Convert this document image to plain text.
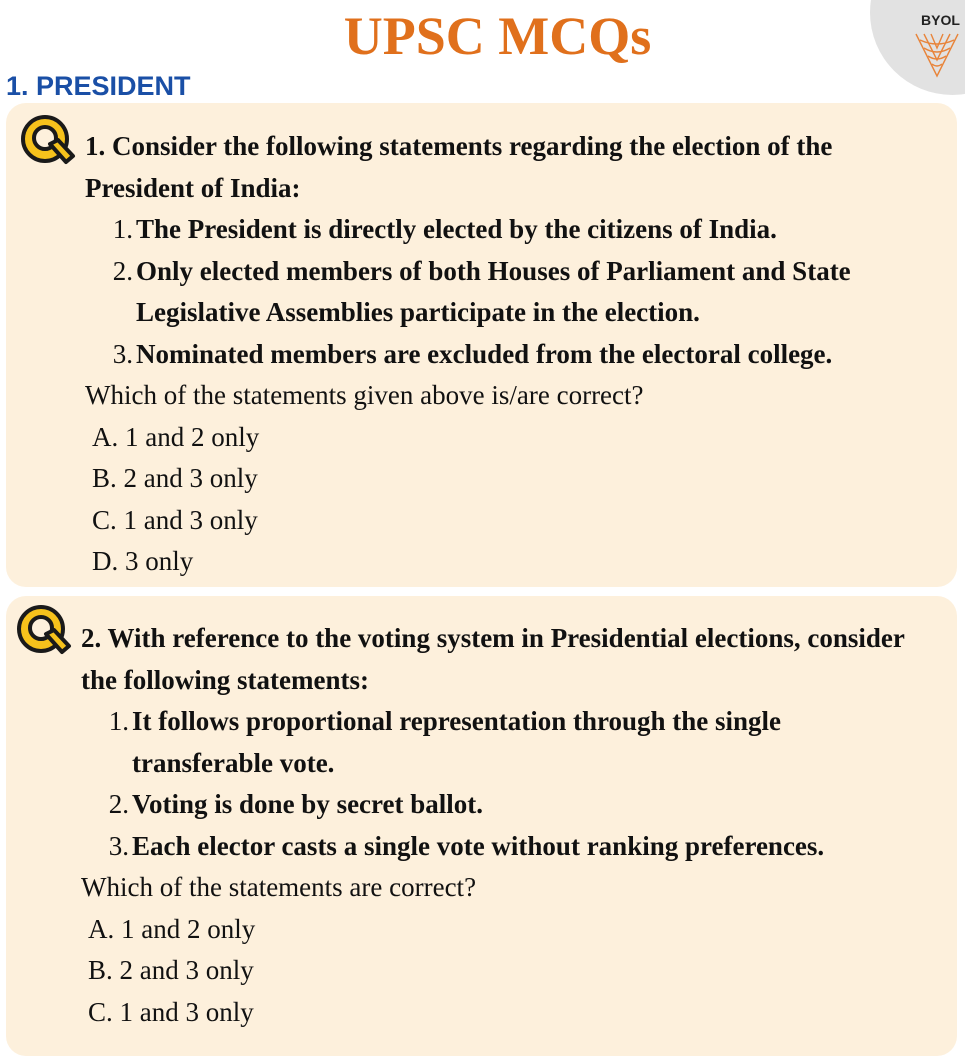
BYOL
UPSC MCQs
1. PRESIDENT
1. Consider the following statements regarding the election of the President of India:
1. The President is directly elected by the citizens of India.
2. Only elected members of both Houses of Parliament and State Legislative Assemblies participate in the election.
3. Nominated members are excluded from the electoral college.
Which of the statements given above is/are correct?
A. 1 and 2 only
B. 2 and 3 only
C. 1 and 3 only
D. 3 only
2. With reference to the voting system in Presidential elections, consider the following statements:
1. It follows proportional representation through the single transferable vote.
2. Voting is done by secret ballot.
3. Each elector casts a single vote without ranking preferences.
Which of the statements are correct?
A. 1 and 2 only
B. 2 and 3 only
C. 1 and 3 only
